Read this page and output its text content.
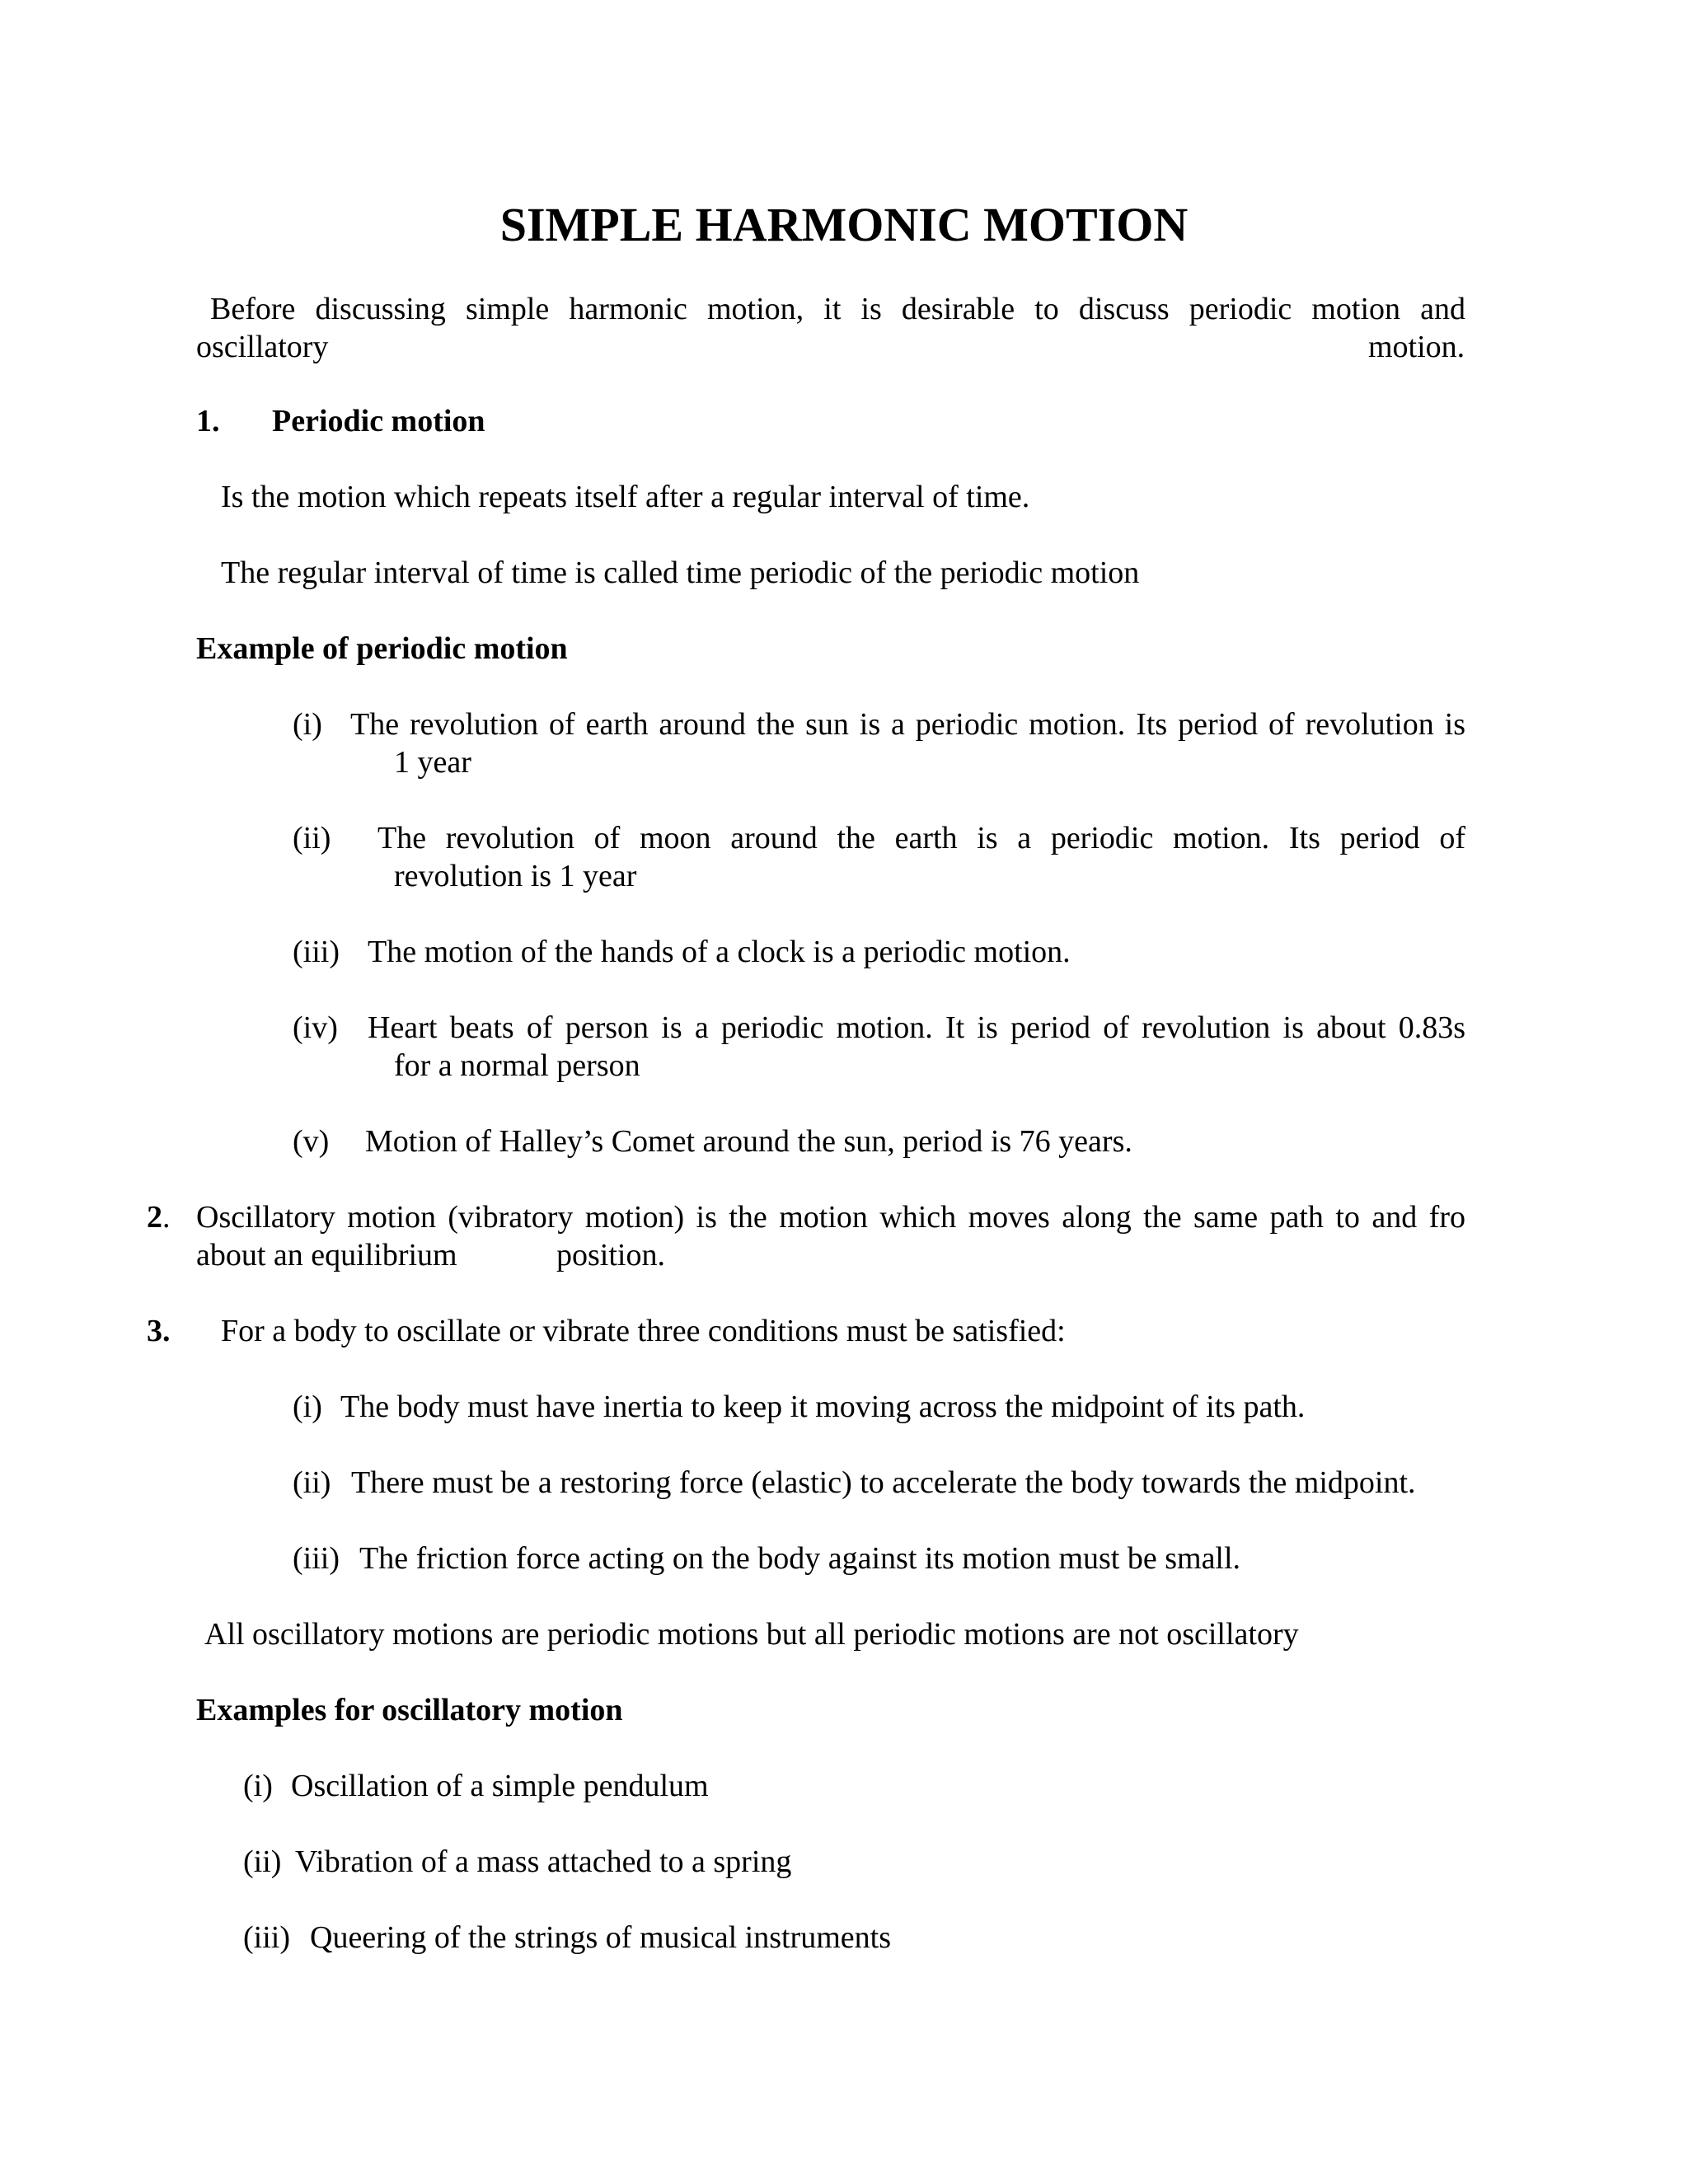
SIMPLE HARMONIC MOTION
Before discussing simple harmonic motion, it is desirable to discuss periodic motion and
oscillatory	motion.
1. Periodic motion
Is the motion which repeats itself after a regular interval of time.
The regular interval of time is called time periodic of the periodic motion
Example of periodic motion
(i) The revolution of earth around the sun is a periodic motion. Its period of revolution is
1 year
(ii) The revolution of moon around the earth is a periodic motion. Its period of
revolution is 1 year
(iii) The motion of the hands of a clock is a periodic motion.
(iv) Heart beats of person is a periodic motion. It is period of revolution is about 0.83s
for a normal person
(v) Motion of Halley’s Comet around the sun, period is 76 years.
2. Oscillatory motion (vibratory motion) is the motion which moves along the same path to and fro
about an equilibrium	position.
3. For a body to oscillate or vibrate three conditions must be satisfied:
(i) The body must have inertia to keep it moving across the midpoint of its path.
(ii) There must be a restoring force (elastic) to accelerate the body towards the midpoint.
(iii) The friction force acting on the body against its motion must be small.
All oscillatory motions are periodic motions but all periodic motions are not oscillatory
Examples for oscillatory motion
(i) Oscillation of a simple pendulum
(ii) Vibration of a mass attached to a spring
(iii) Queering of the strings of musical instruments
